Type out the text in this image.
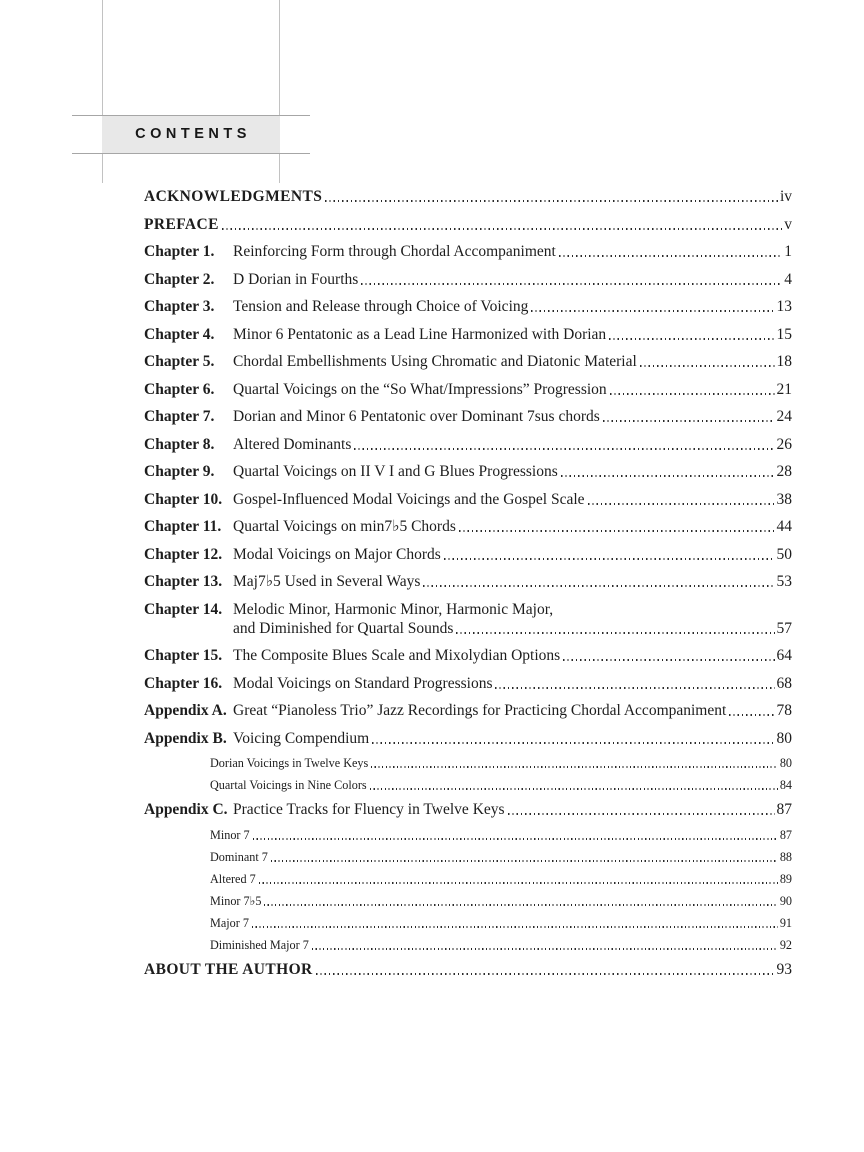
CONTENTS
ACKNOWLEDGMENTS	iv
PREFACE	v
Chapter 1.	Reinforcing Form through Chordal Accompaniment	1
Chapter 2.	D Dorian in Fourths	4
Chapter 3.	Tension and Release through Choice of Voicing	13
Chapter 4.	Minor 6 Pentatonic as a Lead Line Harmonized with Dorian	15
Chapter 5.	Chordal Embellishments Using Chromatic and Diatonic Material	18
Chapter 6.	Quartal Voicings on the “So What/Impressions” Progression	21
Chapter 7.	Dorian and Minor 6 Pentatonic over Dominant 7sus chords	24
Chapter 8.	Altered Dominants	26
Chapter 9.	Quartal Voicings on II V I and G Blues Progressions	28
Chapter 10. Gospel-Influenced Modal Voicings and the Gospel Scale	38
Chapter 11. Quartal Voicings on min7♭5 Chords	44
Chapter 12. Modal Voicings on Major Chords	50
Chapter 13. Maj7♭5 Used in Several Ways	53
Chapter 14. Melodic Minor, Harmonic Minor, Harmonic Major,
and Diminished for Quartal Sounds	57
Chapter 15. The Composite Blues Scale and Mixolydian Options	64
Chapter 16. Modal Voicings on Standard Progressions	68
Appendix A. Great “Pianoless Trio” Jazz Recordings for Practicing Chordal Accompaniment	78
Appendix B. Voicing Compendium	80
Dorian Voicings in Twelve Keys	80
Quartal Voicings in Nine Colors	84
Appendix C. Practice Tracks for Fluency in Twelve Keys	87
Minor 7	87
Dominant 7	88
Altered 7	89
Minor 7♭5	90
Major 7	91
Diminished Major 7	92
ABOUT THE AUTHOR	93
